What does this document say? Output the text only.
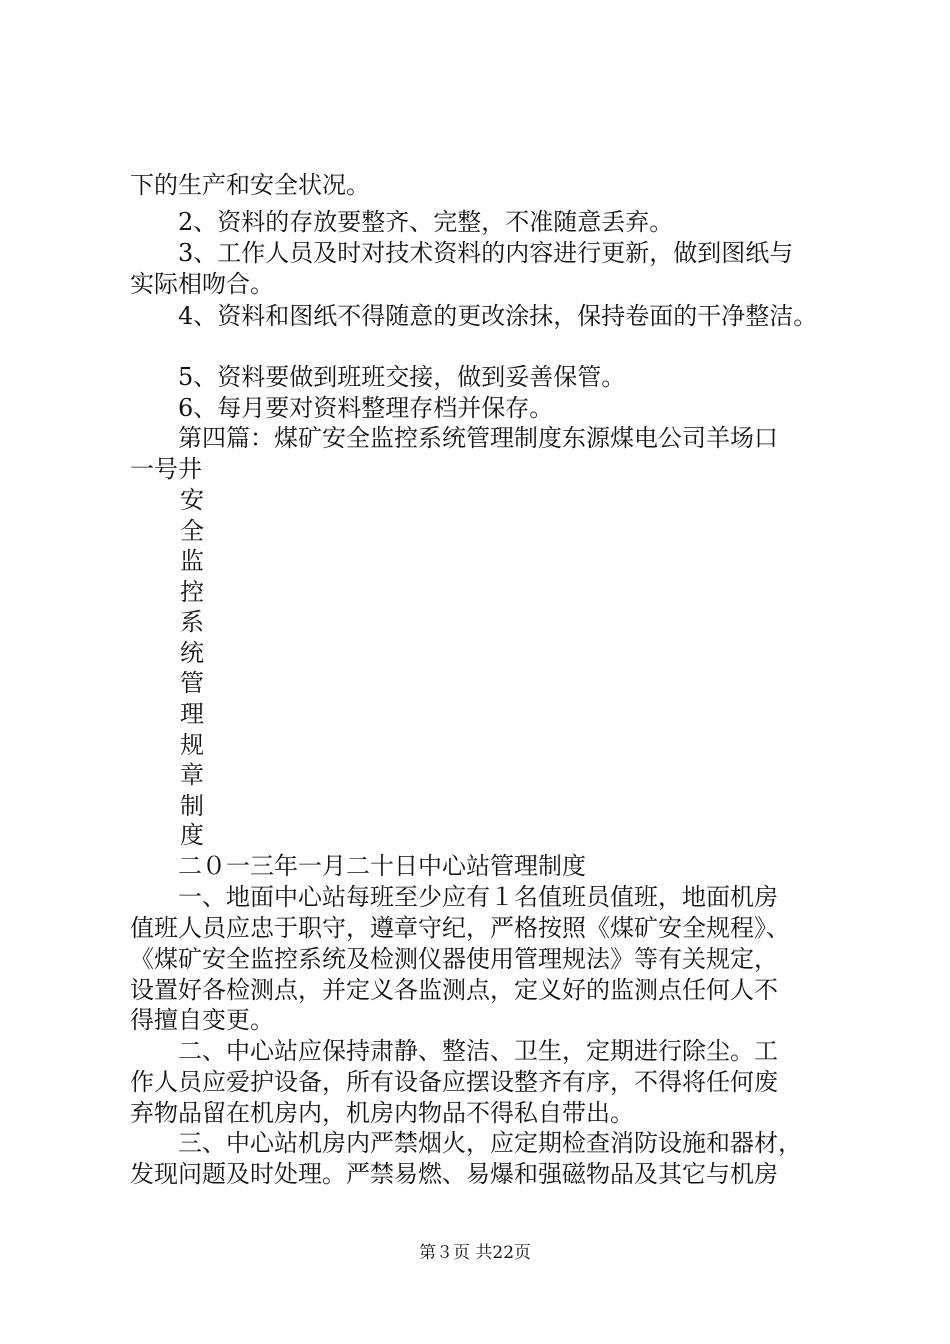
下的生产和安全状况。
2、资料的存放要整齐、完整，不准随意丢弃。
3、工作人员及时对技术资料的内容进行更新，做到图纸与
实际相吻合。
4、资料和图纸不得随意的更改涂抹，保持卷面的干净整洁。
5、资料要做到班班交接，做到妥善保管。
6、每月要对资料整理存档并保存。
第四篇：煤矿安全监控系统管理制度东源煤电公司羊场口
一号井
安
全
监
控
系
统
管
理
规
章
制
度
二０一三年一月二十日中心站管理制度
一、地面中心站每班至少应有１名值班员值班，地面机房
值班人员应忠于职守，遵章守纪，严格按照《煤矿安全规程》、
《煤矿安全监控系统及检测仪器使用管理规法》等有关规定，
设置好各检测点，并定义各监测点，定义好的监测点任何人不
得擅自变更。
二、中心站应保持肃静、整洁、卫生，定期进行除尘。工
作人员应爱护设备，所有设备应摆设整齐有序，不得将任何废
弃物品留在机房内，机房内物品不得私自带出。
三、中心站机房内严禁烟火，应定期检查消防设施和器材，
发现问题及时处理。严禁易燃、易爆和强磁物品及其它与机房
第３页 共22页
